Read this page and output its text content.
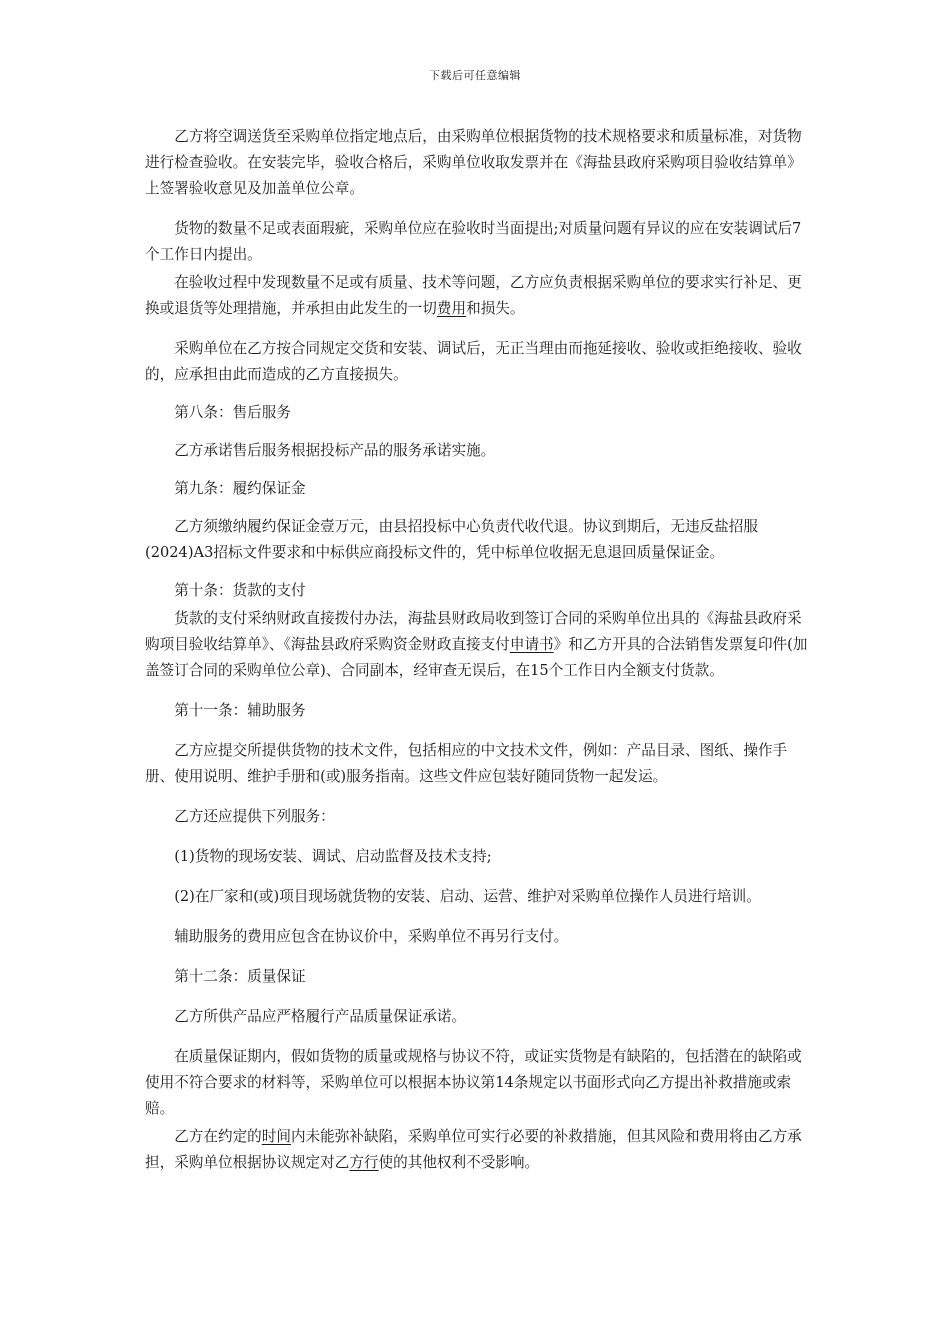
下载后可任意编辑

乙方将空调送货至采购单位指定地点后，由采购单位根据货物的技术规格要求和质量标准，对货物进行检查验收。在安装完毕，验收合格后，采购单位收取发票并在《海盐县政府采购项目验收结算单》上签署验收意见及加盖单位公章。

货物的数量不足或表面瑕疵，采购单位应在验收时当面提出;对质量问题有异议的应在安装调试后7个工作日内提出。

在验收过程中发现数量不足或有质量、技术等问题，乙方应负责根据采购单位的要求实行补足、更换或退货等处理措施，并承担由此发生的一切费用和损失。

采购单位在乙方按合同规定交货和安装、调试后，无正当理由而拖延接收、验收或拒绝接收、验收的，应承担由此而造成的乙方直接损失。

第八条：售后服务

乙方承诺售后服务根据投标产品的服务承诺实施。

第九条：履约保证金

乙方须缴纳履约保证金壹万元，由县招投标中心负责代收代退。协议到期后，无违反盐招服(2024)A3招标文件要求和中标供应商投标文件的，凭中标单位收据无息退回质量保证金。

第十条：货款的支付

货款的支付采纳财政直接拨付办法，海盐县财政局收到签订合同的采购单位出具的《海盐县政府采购项目验收结算单》、《海盐县政府采购资金财政直接支付申请书》和乙方开具的合法销售发票复印件(加盖签订合同的采购单位公章)、合同副本，经审查无误后，在15个工作日内全额支付货款。

第十一条：辅助服务

乙方应提交所提供货物的技术文件，包括相应的中文技术文件，例如：产品目录、图纸、操作手册、使用说明、维护手册和(或)服务指南。这些文件应包装好随同货物一起发运。

乙方还应提供下列服务：

(1)货物的现场安装、调试、启动监督及技术支持;

(2)在厂家和(或)项目现场就货物的安装、启动、运营、维护对采购单位操作人员进行培训。

辅助服务的费用应包含在协议价中，采购单位不再另行支付。

第十二条：质量保证

乙方所供产品应严格履行产品质量保证承诺。

在质量保证期内，假如货物的质量或规格与协议不符，或证实货物是有缺陷的，包括潜在的缺陷或使用不符合要求的材料等，采购单位可以根据本协议第14条规定以书面形式向乙方提出补救措施或索赔。

乙方在约定的时间内未能弥补缺陷，采购单位可实行必要的补救措施，但其风险和费用将由乙方承担，采购单位根据协议规定对乙方行使的其他权利不受影响。
